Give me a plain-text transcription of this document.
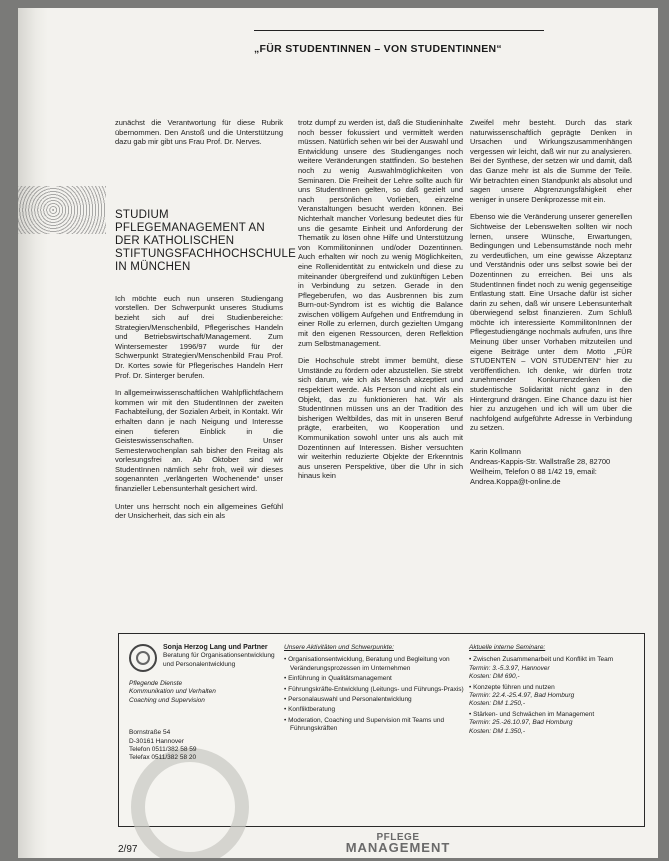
„FÜR STUDENTINNEN – VON STUDENTINNEN“

zunächst die Verantwortung für diese Rubrik übernommen. Den Anstoß und die Unterstützung dazu gab mir gibt uns Frau Prof. Dr. Nerves.

STUDIUM PFLEGEMANAGEMENT AN DER KATHOLISCHEN STIFTUNGSFACHHOCHSCHULE IN MÜNCHEN

Ich möchte euch nun unseren Studiengang vorstellen. Der Schwerpunkt unseres Studiums bezieht sich auf drei Studienbereiche: Strategien/Menschenbild, Pflegerisches Handeln und Betriebswirtschaft/Management. Zum Wintersemester 1996/97 wurde für der Schwerpunkt Strategien/Menschenbild Frau Prof. Dr. Kortes sowie für Pflegerisches Handeln Herr Prof. Dr. Sinterger berufen.

In allgemeinwissenschaftlichen Wahlpflichtfächern kommen wir mit den StudentInnen der zweiten Fachabteilung, der Sozialen Arbeit, in Kontakt. Wir erhalten dann je nach Neigung und Interesse einen tieferen Einblick in die Geisteswissenschaften. Unser Semesterwochenplan sah bisher den Freitag als vorlesungsfrei an. Ab Oktober sind wir StudentInnen nämlich sehr froh, weil wir dieses sogenannten „verlängerten Wochenende“ unser finanzieller Lebensunterhalt gesichert wird.

Unter uns herrscht noch ein allgemeines Gefühl der Unsicherheit, das sich ein als

trotz dumpf zu werden ist, daß die Studieninhalte noch besser fokussiert und vermittelt werden müssen. Natürlich sehen wir bei der Auswahl und Entwicklung unsere des Studienganges noch weitere Veränderungen stattfinden. So bestehen noch zu wenig Auswahlmöglichkeiten von Seminaren. Die Freiheit der Lehre sollte auch für uns StudentInnen gelten, so daß gezielt und nach persönlichen Vorlieben, einzelne Veranstaltungen besucht werden können. Bei Nichterhalt mancher Vorlesung bedeutet dies für uns die gesamte Einheit und Anforderung der Thematik zu lösen ohne Hilfe und Unterstützung von Kommilitoninnen und/oder Dozentinnen. Auch erhalten wir noch zu wenig Möglichkeiten, eine Rollenidentität zu entwickeln und diese zu miteinander übergreifend und zukünftigen Leben in Verbindung zu setzen. Gerade in den Pflegeberufen, wo das Ausbrennen bis zum Burn-out-Syndrom ist es wichtig die Balance zwischen völligem Aufgehen und Entfremdung in einer Rolle zu erlernen, durch gezielten Umgang mit den eigenen Ressourcen, deren Reflektion zum Selbstmanagement.

Die Hochschule strebt immer bemüht, diese Umstände zu fördern oder abzustellen. Sie strebt sich darum, wie ich als Mensch akzeptiert und respektiert werde. Als Person und nicht als ein Objekt, das zu funktionieren hat. Wir als StudentInnen müssen uns an der Tradition des bisherigen Weltbildes, das mit in unseren Beruf prägte, erarbeiten, wo Kooperation und Kommunikation sowohl unter uns als auch mit Dozentinnen auf Interessen. Bisher versuchten wir weiterhin reduzierte Objekte der Erkenntnis aus unseren Perspektive, über die Uhr in sich hinaus kein

Zweifel mehr besteht. Durch das stark naturwissenschaftlich geprägte Denken in Ursachen und Wirkungszusammenhängen vergessen wir leicht, daß wir nur zu analysieren. Bei der Synthese, der setzen wir und damit, daß das Ganze mehr ist als die Summe der Teile. Wir betrachten einen Standpunkt als absolut und sagen unsere Abgrenzungsfähigkeit eher weniger in unsere Denkprozesse mit ein.

Ebenso wie die Veränderung unserer generellen Sichtweise der Lebenswelten sollten wir noch lernen, unsere Wünsche, Erwartungen, Bedingungen und Lebensumstände noch mehr zu verdeutlichen, um eine gewisse Akzeptanz und Verständnis oder uns selbst sowie bei der Dozentinnen zu erreichen. Bei uns als StudentInnen findet noch zu wenig gegenseitige Entlastung statt. Eine Ursache dafür ist sicher darin zu sehen, daß wir unsere Lebensunterhalt überwiegend selbst finanzieren. Zum Schluß möchte ich interessierte KommilitonInnen der Pflegestudiengänge nochmals aufrufen, uns Ihre Meinung über unser Vorhaben mitzuteilen und eigene Beiträge unter dem Motto „FÜR STUDENTEN – VON STUDENTEN“ hier zu veröffentlichen. Ich denke, wir dürfen trotz zunehmender Konkurrenzdenken die studentische Solidarität nicht ganz in den Hintergrund drängen. Eine Chance dazu ist hier hier zu anzugehen und ich will um über die nachfolgend aufgeführte Adresse in Verbindung zu setzen.

Karin Kollmann
Andreas-Kappis-Str. Wallstraße 28, 82700
Weilheim, Telefon 0 88 1/42 19, email:
Andrea.Koppa@t-online.de
Sonja Herzog Lang und Partner
Beratung für Organisationsentwicklung und Personalentwicklung
Pflegende Dienste
Kommunikation und Verhalten
Coaching und Supervision
Bornstraße 54
D-30161 Hannover
Telefon 0511/382 58 59
Telefax 0511/382 58 20
Unsere Aktivitäten und Schwerpunkte:
• Organisationsentwicklung, Beratung und Begleitung von Veränderungsprozessen im Unternehmen
• Einführung in Qualitätsmanagement
• Führungskräfte-Entwicklung (Leitungs- und Führungs-Praxis)
• Personalauswahl und Personalentwicklung
• Konfliktberatung
• Moderation, Coaching und Supervision mit Teams und Führungskräften
Aktuelle interne Seminare:
• Zwischen Zusammenarbeit und Konflikt im Team
Termin: 3.-5.3.97, Hannover
Kosten: DM 690,-
• Konzepte führen und nutzen
Termin: 22.4.-25.4.97, Bad Homburg
Kosten: DM 1.250,-
• Stärken- und Schwächen im Management
Termin: 25.-26.10.97, Bad Homburg
Kosten: DM 1.350,-
2/97
PFLEGE
MANAGEMENT
